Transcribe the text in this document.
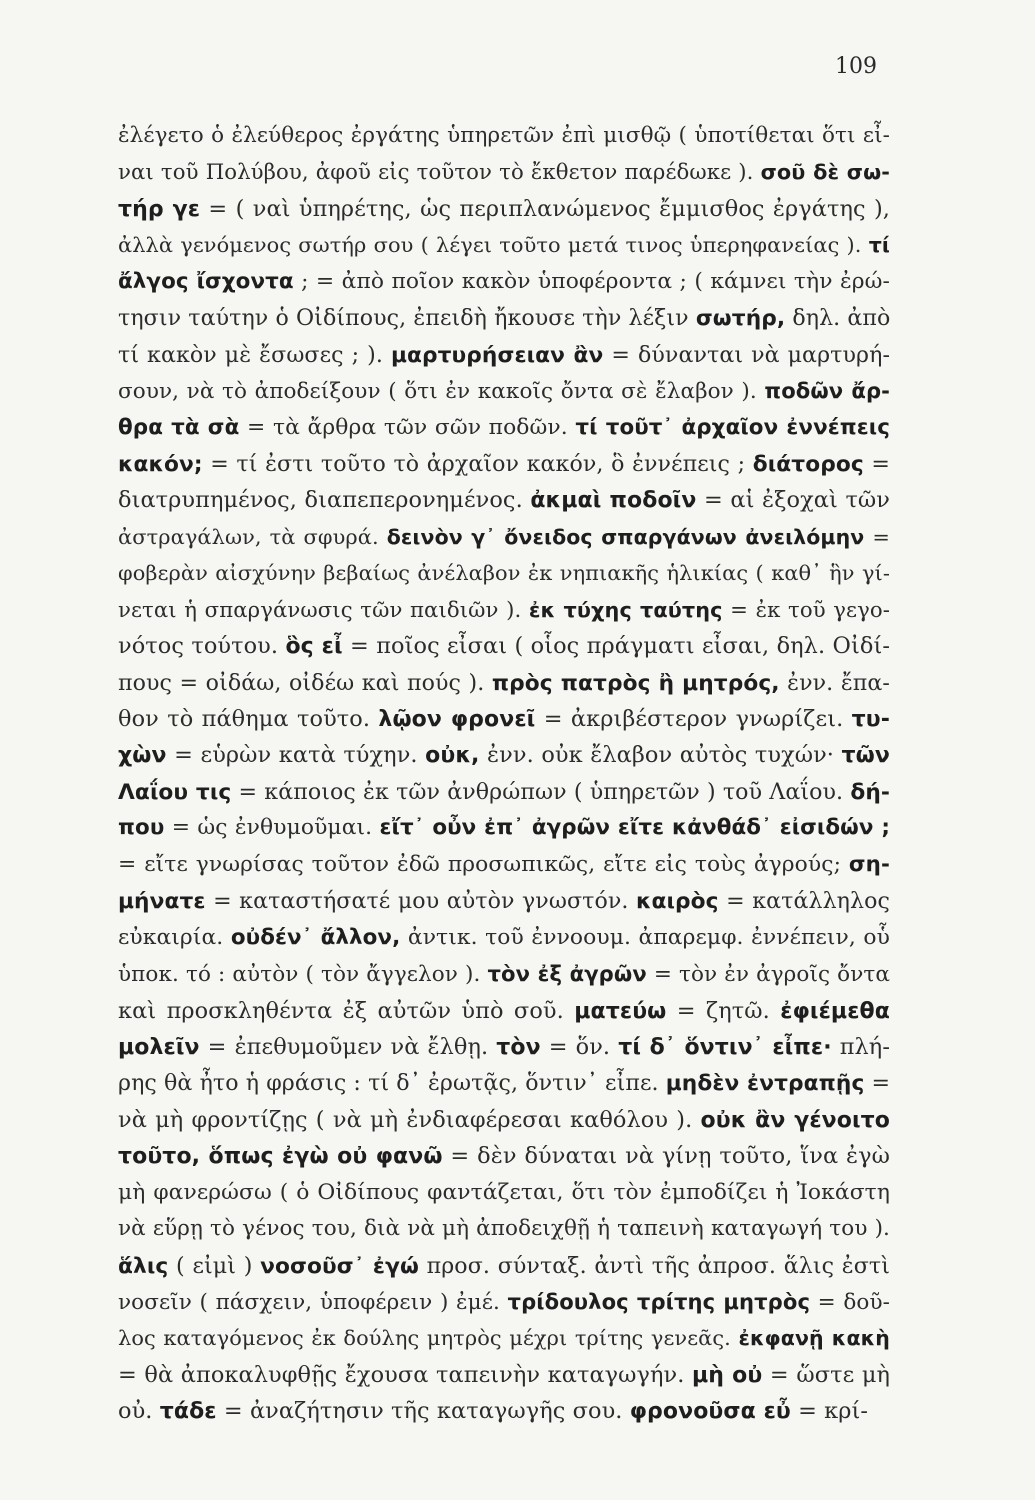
109
ἐλέγετο ὁ ἐλεύθερος ἐργάτης ὑπηρετῶν ἐπὶ μισθῷ ( ὑποτίθεται ὅτι εἶ-
ναι τοῦ Πολύβου, ἀφοῦ εἰς τοῦτον τὸ ἔκθετον παρέδωκε ). σοῦ δὲ σω-
τήρ γε = ( ναὶ ὑπηρέτης, ὡς περιπλανώμενος ἔμμισθος ἐργάτης ),
ἀλλὰ γενόμενος σωτήρ σου ( λέγει τοῦτο μετά τινος ὑπερηφανείας ). τί
ἄλγος ἴσχοντα ; = ἀπὸ ποῖον κακὸν ὑποφέροντα ; ( κάμνει τὴν ἐρώ-
τησιν ταύτην ὁ Οἰδίπους, ἐπειδὴ ἤκουσε τὴν λέξιν σωτήρ, δηλ. ἀπὸ
τί κακὸν μὲ ἔσωσες ; ). μαρτυρήσειαν ἂν = δύνανται νὰ μαρτυρή-
σουν, νὰ τὸ ἀποδείξουν ( ὅτι ἐν κακοῖς ὄντα σὲ ἔλαβον ). ποδῶν ἄρ-
θρα τὰ σὰ = τὰ ἄρθρα τῶν σῶν ποδῶν. τί τοῦτ᾽ ἀρχαῖον ἐννέπεις
κακόν; = τί ἐστι τοῦτο τὸ ἀρχαῖον κακόν, ὃ ἐννέπεις ; διάτορος =
διατρυπημένος, διαπεπερονημένος. ἀκμαὶ ποδοῖν = αἱ ἐξοχαὶ τῶν
ἀστραγάλων, τὰ σφυρά. δεινὸν γ᾽ ὄνειδος σπαργάνων ἀνειλόμην =
φοβερὰν αἰσχύνην βεβαίως ἀνέλαβον ἐκ νηπιακῆς ἡλικίας ( καθ᾽ ἣν γί-
νεται ἡ σπαργάνωσις τῶν παιδιῶν ). ἐκ τύχης ταύτης = ἐκ τοῦ γεγο-
νότος τούτου. ὃς εἶ = ποῖος εἶσαι ( οἷος πράγματι εἶσαι, δηλ. Οἰδί-
πους = οἰδάω, οἰδέω καὶ πούς ). πρὸς πατρὸς ἢ μητρός, ἐνν. ἔπα-
θον τὸ πάθημα τοῦτο. λῷον φρονεῖ = ἀκριβέστερον γνωρίζει. τυ-
χὼν = εὑρὼν κατὰ τύχην. οὐκ, ἐνν. οὐκ ἔλαβον αὐτὸς τυχών· τῶν
Λαΐου τις = κάποιος ἐκ τῶν ἀνθρώπων ( ὑπηρετῶν ) τοῦ Λαΐου. δή-
που = ὡς ἐνθυμοῦμαι. εἴτ᾽ οὖν ἐπ᾽ ἀγρῶν εἴτε κἀνθάδ᾽ εἰσιδών ;
= εἴτε γνωρίσας τοῦτον ἐδῶ προσωπικῶς, εἴτε εἰς τοὺς ἀγρούς; ση-
μήνατε = καταστήσατέ μου αὐτὸν γνωστόν. καιρὸς = κατάλληλος
εὐκαιρία. οὐδέν᾽ ἄλλον, ἀντικ. τοῦ ἐννοουμ. ἀπαρεμφ. ἐννέπειν, οὗ
ὑποκ. τό : αὐτὸν ( τὸν ἄγγελον ). τὸν ἐξ ἀγρῶν = τὸν ἐν ἀγροῖς ὄντα
καὶ προσκληθέντα ἐξ αὐτῶν ὑπὸ σοῦ. ματεύω = ζητῶ. ἐφιέμεθα
μολεῖν = ἐπεθυμοῦμεν νὰ ἔλθῃ. τὸν = ὅν. τί δ᾽ ὅντιν᾽ εἶπε· πλή-
ρης θὰ ἦτο ἡ φράσις : τί δ᾽ ἐρωτᾷς, ὅντιν᾽ εἶπε. μηδὲν ἐντραπῇς =
νὰ μὴ φροντίζῃς ( νὰ μὴ ἐνδιαφέρεσαι καθόλου ). οὐκ ἂν γένοιτο
τοῦτο, ὅπως ἐγὼ οὐ φανῶ = δὲν δύναται νὰ γίνῃ τοῦτο, ἵνα ἐγὼ
μὴ φανερώσω ( ὁ Οἰδίπους φαντάζεται, ὅτι τὸν ἐμποδίζει ἡ Ἰοκάστη
νὰ εὕρῃ τὸ γένος του, διὰ νὰ μὴ ἀποδειχθῇ ἡ ταπεινὴ καταγωγή του ).
ἅλις ( εἰμὶ ) νοσοῦσ᾽ ἐγώ προσ. σύνταξ. ἀντὶ τῆς ἀπροσ. ἅλις ἐστὶ
νοσεῖν ( πάσχειν, ὑποφέρειν ) ἐμέ. τρίδουλος τρίτης μητρὸς = δοῦ-
λος καταγόμενος ἐκ δούλης μητρὸς μέχρι τρίτης γενεᾶς. ἐκφανῇ κακὴ
= θὰ ἀποκαλυφθῇς ἔχουσα ταπεινὴν καταγωγήν. μὴ οὐ = ὥστε μὴ
οὐ. τάδε = ἀναζήτησιν τῆς καταγωγῆς σου. φρονοῦσα εὖ = κρί-
